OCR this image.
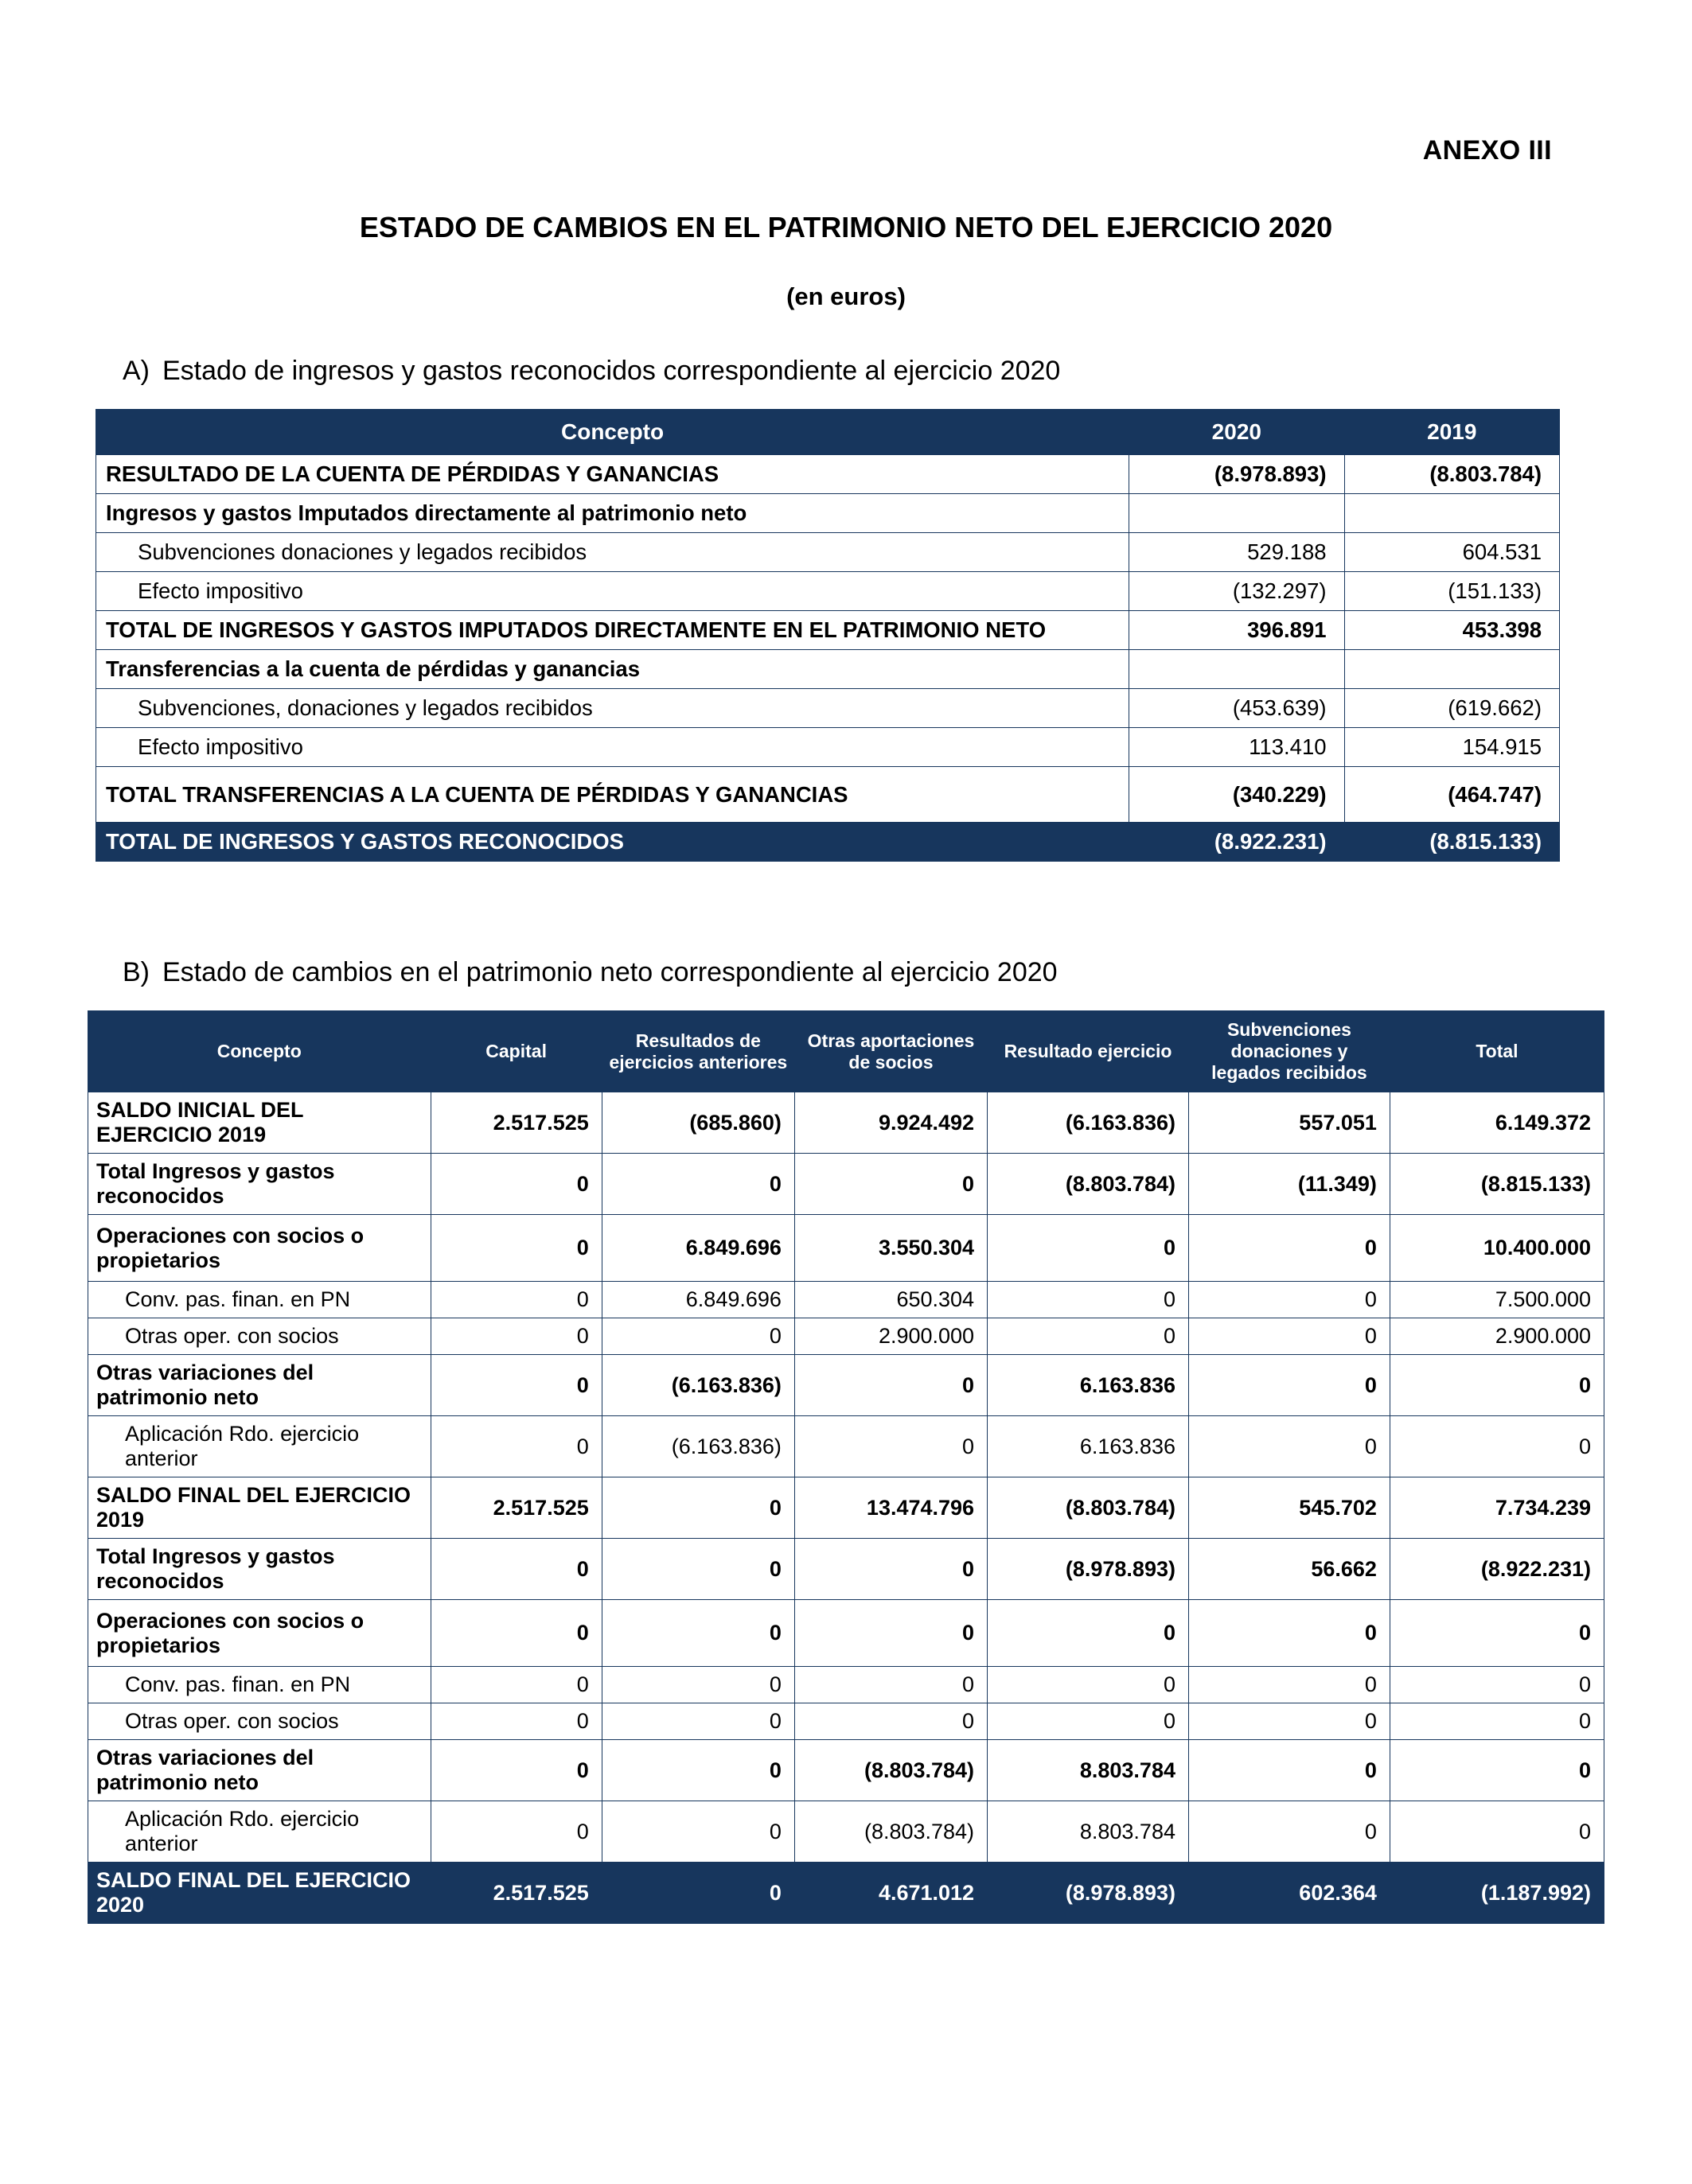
ANEXO III
ESTADO DE CAMBIOS EN EL PATRIMONIO NETO DEL EJERCICIO 2020
(en euros)
A) Estado de ingresos y gastos reconocidos correspondiente al ejercicio 2020
Concepto	2020	2019
RESULTADO DE LA CUENTA DE PÉRDIDAS Y GANANCIAS	(8.978.893)	(8.803.784)
Ingresos y gastos Imputados directamente al patrimonio neto		
Subvenciones donaciones y legados recibidos	529.188	604.531
Efecto impositivo	(132.297)	(151.133)
TOTAL DE INGRESOS Y GASTOS IMPUTADOS DIRECTAMENTE EN EL PATRIMONIO NETO	396.891	453.398
Transferencias a la cuenta de pérdidas y ganancias		
Subvenciones, donaciones y legados recibidos	(453.639)	(619.662)
Efecto impositivo	113.410	154.915
TOTAL TRANSFERENCIAS A LA CUENTA DE PÉRDIDAS Y GANANCIAS	(340.229)	(464.747)
TOTAL DE INGRESOS Y GASTOS RECONOCIDOS	(8.922.231)	(8.815.133)
B) Estado de cambios en el patrimonio neto correspondiente al ejercicio 2020
Concepto	Capital	Resultados de ejercicios anteriores	Otras aportaciones de socios	Resultado ejercicio	Subvenciones donaciones y legados recibidos	Total
SALDO INICIAL DEL EJERCICIO 2019	2.517.525	(685.860)	9.924.492	(6.163.836)	557.051	6.149.372
Total Ingresos y gastos reconocidos	0	0	0	(8.803.784)	(11.349)	(8.815.133)
Operaciones con socios o propietarios	0	6.849.696	3.550.304	0	0	10.400.000
Conv. pas. finan. en PN	0	6.849.696	650.304	0	0	7.500.000
Otras oper. con socios	0	0	2.900.000	0	0	2.900.000
Otras variaciones del patrimonio neto	0	(6.163.836)	0	6.163.836	0	0
Aplicación Rdo. ejercicio anterior	0	(6.163.836)	0	6.163.836	0	0
SALDO FINAL DEL EJERCICIO 2019	2.517.525	0	13.474.796	(8.803.784)	545.702	7.734.239
Total Ingresos y gastos reconocidos	0	0	0	(8.978.893)	56.662	(8.922.231)
Operaciones con socios o propietarios	0	0	0	0	0	0
Conv. pas. finan. en PN	0	0	0	0	0	0
Otras oper. con socios	0	0	0	0	0	0
Otras variaciones del patrimonio neto	0	0	(8.803.784)	8.803.784	0	0
Aplicación Rdo. ejercicio anterior	0	0	(8.803.784)	8.803.784	0	0
SALDO FINAL DEL EJERCICIO 2020	2.517.525	0	4.671.012	(8.978.893)	602.364	(1.187.992)
